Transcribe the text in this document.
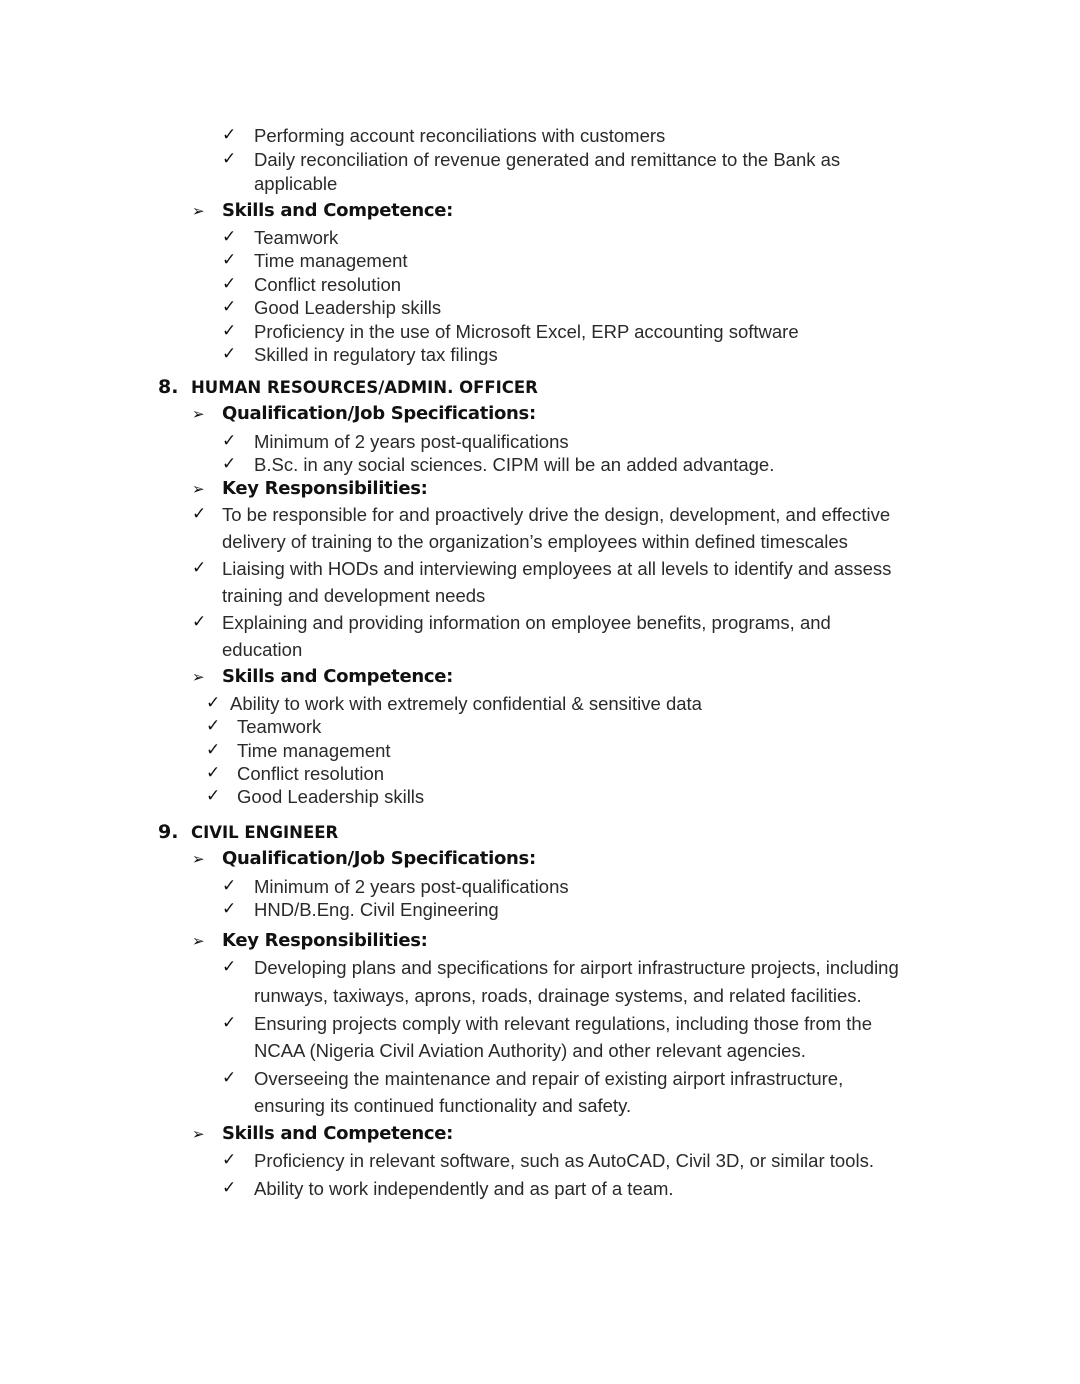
✓ Performing account reconciliations with customers
✓ Daily reconciliation of revenue generated and remittance to the Bank as
applicable
➢ Skills and Competence:
✓ Teamwork
✓ Time management
✓ Conflict resolution
✓ Good Leadership skills
✓ Proficiency in the use of Microsoft Excel, ERP accounting software
✓ Skilled in regulatory tax filings
8. HUMAN RESOURCES/ADMIN. OFFICER
➢ Qualification/Job Specifications:
✓ Minimum of 2 years post-qualifications
✓ B.Sc. in any social sciences. CIPM will be an added advantage.
➢ Key Responsibilities:
✓ To be responsible for and proactively drive the design, development, and effective
delivery of training to the organization’s employees within defined timescales
✓ Liaising with HODs and interviewing employees at all levels to identify and assess
training and development needs
✓ Explaining and providing information on employee benefits, programs, and
education
➢ Skills and Competence:
✓ Ability to work with extremely confidential & sensitive data
✓ Teamwork
✓ Time management
✓ Conflict resolution
✓ Good Leadership skills
9. CIVIL ENGINEER
➢ Qualification/Job Specifications:
✓ Minimum of 2 years post-qualifications
✓ HND/B.Eng. Civil Engineering
➢ Key Responsibilities:
✓ Developing plans and specifications for airport infrastructure projects, including
runways, taxiways, aprons, roads, drainage systems, and related facilities.
✓ Ensuring projects comply with relevant regulations, including those from the
NCAA (Nigeria Civil Aviation Authority) and other relevant agencies.
✓ Overseeing the maintenance and repair of existing airport infrastructure,
ensuring its continued functionality and safety.
➢ Skills and Competence:
✓ Proficiency in relevant software, such as AutoCAD, Civil 3D, or similar tools.
✓ Ability to work independently and as part of a team.
